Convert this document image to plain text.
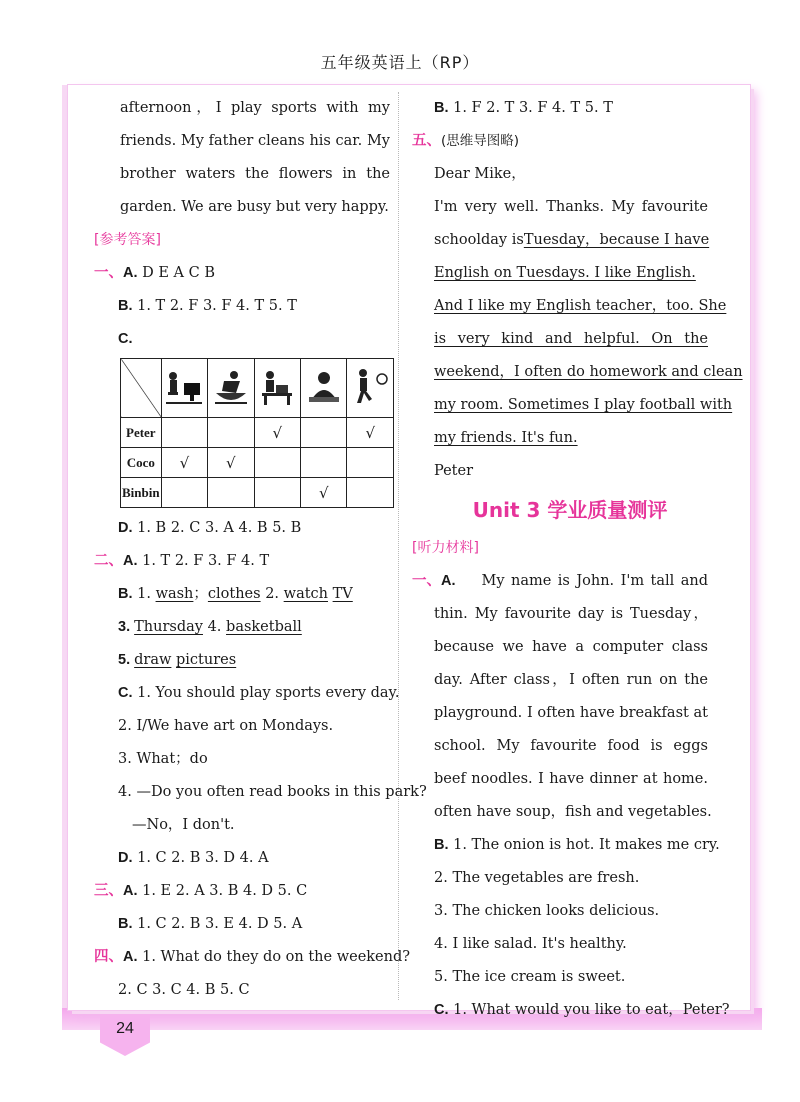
五年级英语上（RP）
24
afternoon，I play sports with my
friends. My father cleans his car. My
brother waters the flowers in the
garden. We are busy but very happy.
[参考答案]
一、A. D E A C B
B. 1. T 2. F 3. F 4. T 5. T
C.

Peter			√		√
Coco	√	√			
Binbin				√	
D. 1. B 2. C 3. A 4. B 5. B
二、A. 1. T 2. F 3. F 4. T
B. 1. wash；clothes 2. watch TV
3. Thursday 4. basketball
5. draw pictures
C. 1. You should play sports every day.
2. I/We have art on Mondays.
3. What；do
4. —Do you often read books in this park?
—No，I don't.
D. 1. C 2. B 3. D 4. A
三、A. 1. E 2. A 3. B 4. D 5. C
B. 1. C 2. B 3. E 4. D 5. A
四、A. 1. What do they do on the weekend?
2. C 3. C 4. B 5. C
B. 1. F 2. T 3. F 4. T 5. T
五、(思维导图略)
Dear Mike，
I'm very well. Thanks. My favourite
schoolday is Tuesday，because I have
English on Tuesdays. I like English.
And I like my English teacher，too. She
is very kind and helpful. On the
weekend，I often do homework and clean
my room. Sometimes I play football with
my friends. It's fun.
Peter
Unit 3 学业质量测评
[听力材料]
一、 A. My name is John. I'm tall and
thin. My favourite day is Tuesday，
because we have a computer class
day. After class，I often run on the
playground. I often have breakfast at
school. My favourite food is eggs
beef noodles. I have dinner at home.
often have soup，fish and vegetables.
B. 1. The onion is hot. It makes me cry.
2. The vegetables are fresh.
3. The chicken looks delicious.
4. I like salad. It's healthy.
5. The ice cream is sweet.
C. 1. What would you like to eat，Peter?
